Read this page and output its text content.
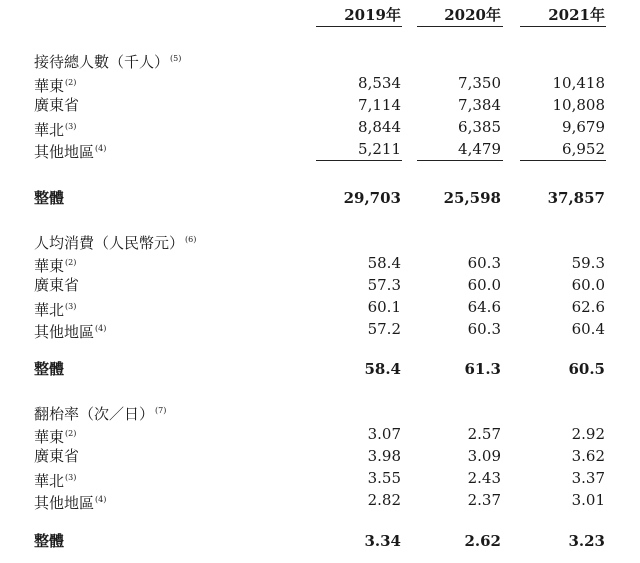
2019年	2020年	2021年
接待總人數（千人）$^{(5)}$
華東$^{(2)}$	8,534	7,350	10,418
廣東省	7,114	7,384	10,808
華北$^{(3)}$	8,844	6,385	9,679
其他地區$^{(4)}$	5,211	4,479	6,952
整體	29,703	25,598	37,857
人均消費（人民幣元）$^{(6)}$
華東$^{(2)}$	58.4	60.3	59.3
廣東省	57.3	60.0	60.0
華北$^{(3)}$	60.1	64.6	62.6
其他地區$^{(4)}$	57.2	60.3	60.4
整體	58.4	61.3	60.5
翻枱率（次／日）$^{(7)}$
華東$^{(2)}$	3.07	2.57	2.92
廣東省	3.98	3.09	3.62
華北$^{(3)}$	3.55	2.43	3.37
其他地區$^{(4)}$	2.82	2.37	3.01
整體	3.34	2.62	3.23
